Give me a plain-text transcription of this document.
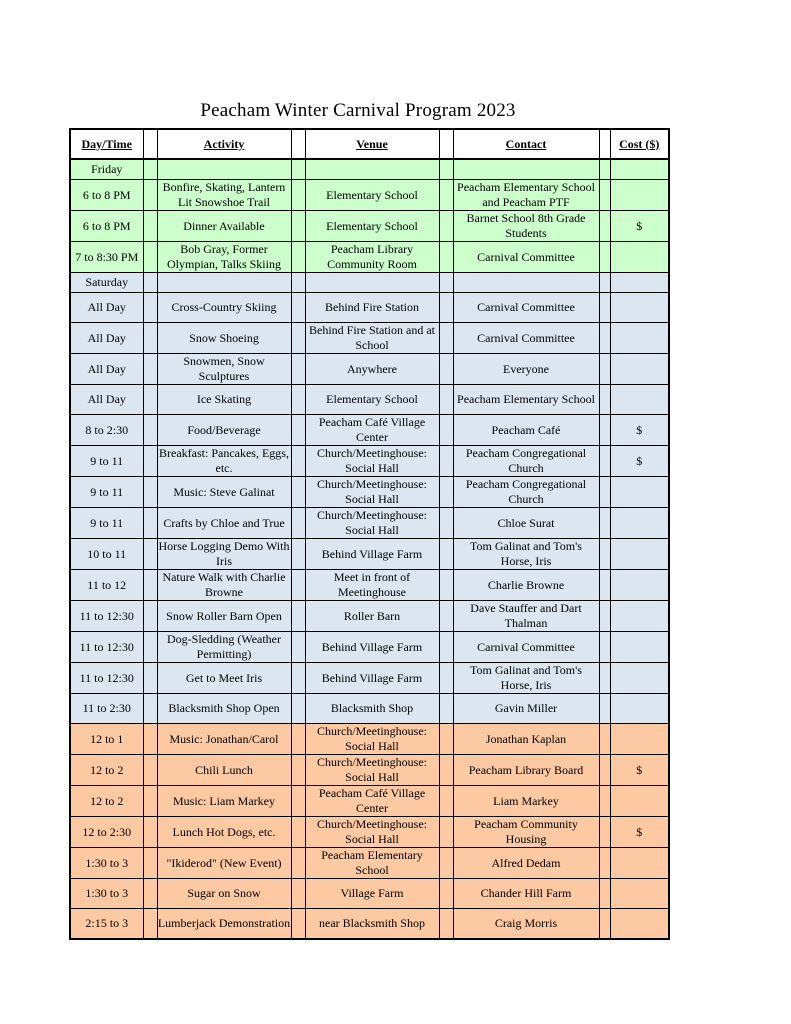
Peacham Winter Carnival Program 2023
Day/Time		Activity		Venue		Contact		Cost ($)
Friday								
6 to 8 PM		Bonfire, Skating, Lantern Lit Snowshoe Trail		Elementary School		Peacham Elementary School and Peacham PTF		
6 to 8 PM		Dinner Available		Elementary School		Barnet School 8th Grade Students		$
7 to 8:30 PM		Bob Gray, Former Olympian, Talks Skiing		Peacham Library Community Room		Carnival Committee		
Saturday								
All Day		Cross-Country Skiing		Behind Fire Station		Carnival Committee		
All Day		Snow Shoeing		Behind Fire Station and at School		Carnival Committee		
All Day		Snowmen, Snow Sculptures		Anywhere		Everyone		
All Day		Ice Skating		Elementary School		Peacham Elementary School		
8 to 2:30		Food/Beverage		Peacham Café Village Center		Peacham Café		$
9 to 11		Breakfast: Pancakes, Eggs, etc.		Church/Meetinghouse: Social Hall		Peacham Congregational Church		$
9 to 11		Music: Steve Galinat		Church/Meetinghouse: Social Hall		Peacham Congregational Church		
9 to 11		Crafts by Chloe and True		Church/Meetinghouse: Social Hall		Chloe Surat		
10 to 11		Horse Logging Demo With Iris		Behind Village Farm		Tom Galinat and Tom's Horse, Iris		
11 to 12		Nature Walk with Charlie Browne		Meet in front of Meetinghouse		Charlie Browne		
11 to 12:30		Snow Roller Barn Open		Roller Barn		Dave Stauffer and Dart Thalman		
11 to 12:30		Dog-Sledding (Weather Permitting)		Behind Village Farm		Carnival Committee		
11 to 12:30		Get to Meet Iris		Behind Village Farm		Tom Galinat and Tom's Horse, Iris		
11 to 2:30		Blacksmith Shop Open		Blacksmith Shop		Gavin Miller		
12 to 1		Music: Jonathan/Carol		Church/Meetinghouse: Social Hall		Jonathan Kaplan		
12 to 2		Chili Lunch		Church/Meetinghouse: Social Hall		Peacham Library Board		$
12 to 2		Music: Liam Markey		Peacham Café Village Center		Liam Markey		
12 to 2:30		Lunch Hot Dogs, etc.		Church/Meetinghouse: Social Hall		Peacham Community Housing		$
1:30 to 3		"Ikiderod" (New Event)		Peacham Elementary School		Alfred Dedam		
1:30 to 3		Sugar on Snow		Village Farm		Chander Hill Farm		
2:15 to 3		Lumberjack Demonstration		near Blacksmith Shop		Craig Morris		
